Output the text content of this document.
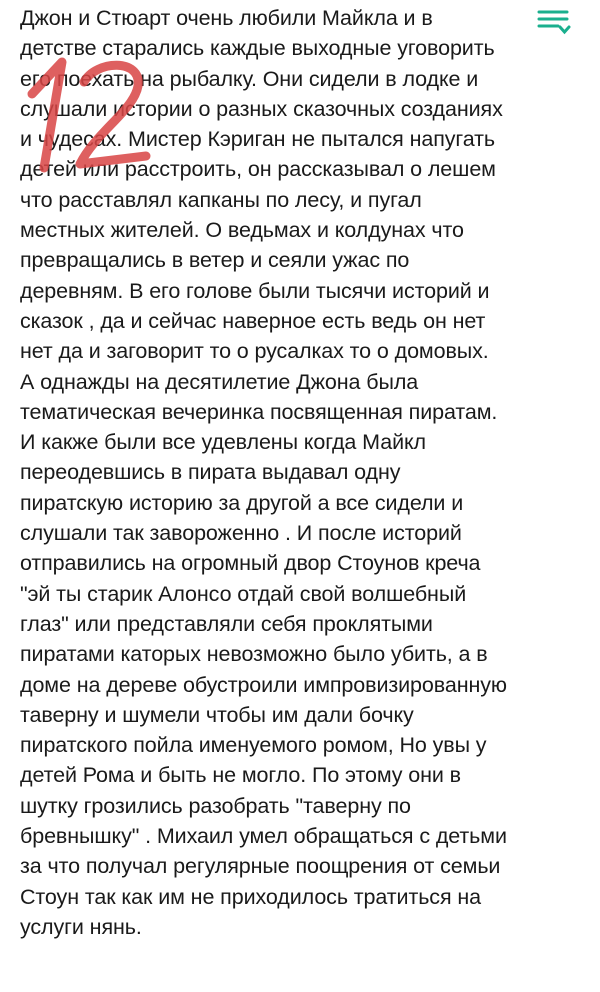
Джон и Стюарт очень любили Майкла и в
детстве старались каждые выходные уговорить
его поехать на рыбалку. Они сидели в лодке и
слушали истории о разных сказочных созданиях
и чудесах. Мистер Кэриган не пытался напугать
детей или расстроить, он рассказывал о лешем
что расставлял капканы по лесу, и пугал
местных жителей. О ведьмах и колдунах что
превращались в ветер и сеяли ужас по
деревням. В его голове были тысячи историй и
сказок , да и сейчас наверное есть ведь он нет
нет да и заговорит то о русалках то о домовых.
А однажды на десятилетие Джона была
тематическая вечеринка посвященная пиратам.
И какже были все удевлены когда Майкл
переодевшись в пирата выдавал одну
пиратскую историю за другой а все сидели и
слушали так завороженно . И после историй
отправились на огромный двор Стоунов креча
"эй ты старик Алонсо отдай свой волшебный
глаз" или представляли себя проклятыми
пиратами каторых невозможно было убить, а в
доме на дереве обустроили импровизированную
таверну и шумели чтобы им дали бочку
пиратского пойла именуемого ромом, Но увы у
детей Рома и быть не могло. По этому они в
шутку грозились разобрать "таверну по
бревнышку" . Михаил умел обращаться с детьми
за что получал регулярные поощрения от семьи
Стоун так как им не приходилось тратиться на
услуги нянь.
